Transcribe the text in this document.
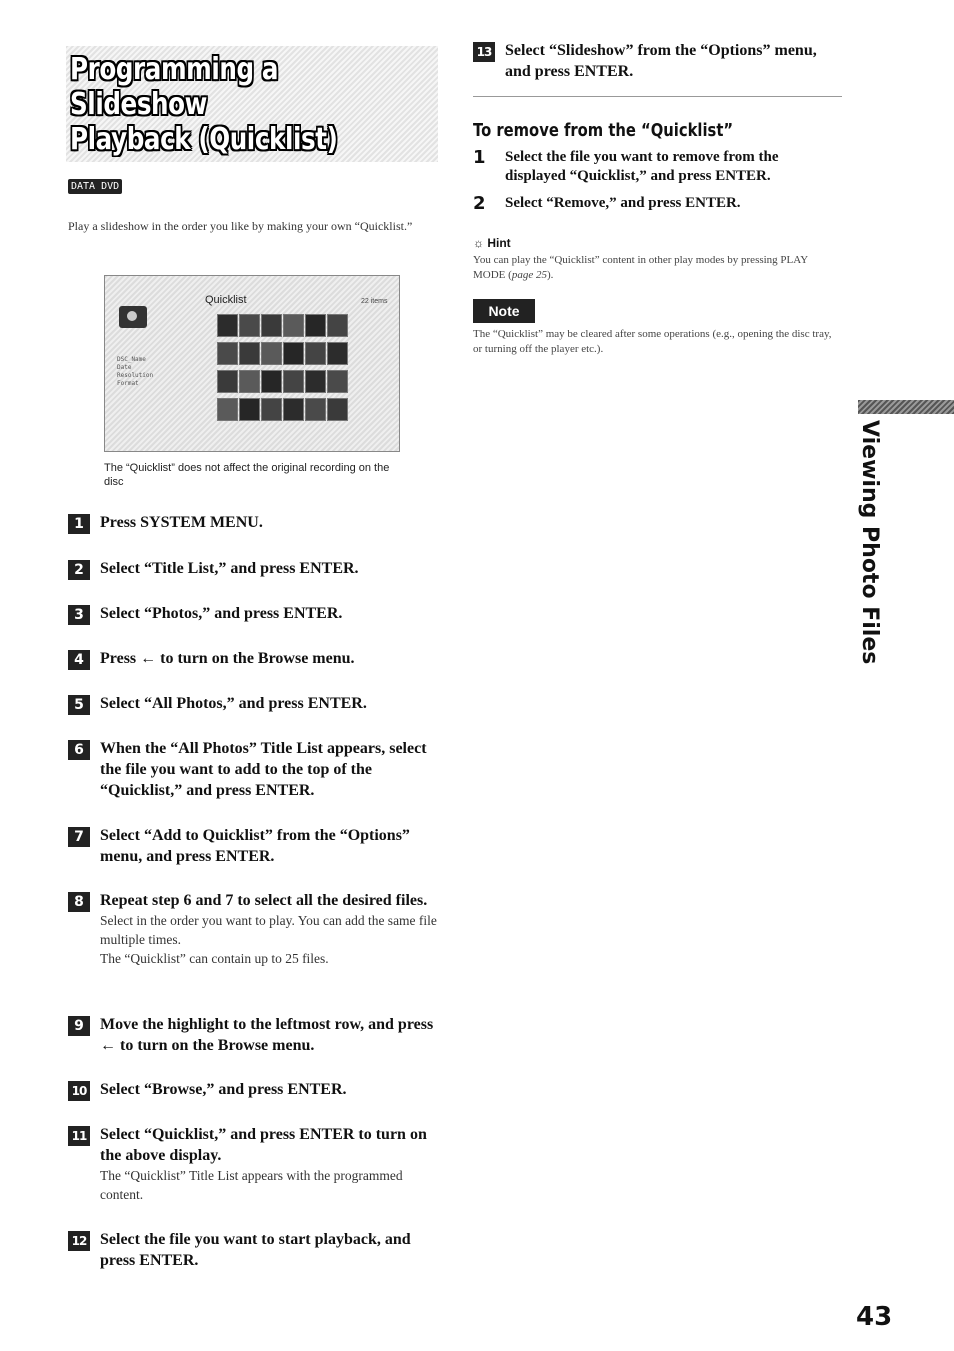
Programming a Slideshow
Playback (Quicklist)
DATA DVD
Play a slideshow in the order you like by making your own “Quicklist.”
Quicklist	22 items
DSC_Name
Date
Resolution
Format
The “Quicklist” does not affect the original recording on the disc
1	Press SYSTEM MENU.
2	Select “Title List,” and press ENTER.
3	Select “Photos,” and press ENTER.
4	Press ← to turn on the Browse menu.
5	Select “All Photos,” and press ENTER.
6	When the “All Photos” Title List appears, select the file you want to add to the top of the “Quicklist,” and press ENTER.
7	Select “Add to Quicklist” from the “Options” menu, and press ENTER.
8	Repeat step 6 and 7 to select all the desired files.
Select in the order you want to play. You can add the same file multiple times.
The “Quicklist” can contain up to 25 files.
9	Move the highlight to the leftmost row, and press ← to turn on the Browse menu.
10 Select “Browse,” and press ENTER.
11 Select “Quicklist,” and press ENTER to turn on the above display.
The “Quicklist” Title List appears with the programmed content.
12 Select the file you want to start playback, and press ENTER.
13 Select “Slideshow” from the “Options” menu, and press ENTER.
To remove from the “Quicklist”
1 Select the file you want to remove from the displayed “Quicklist,” and press ENTER.
2 Select “Remove,” and press ENTER.
☼ Hint
You can play the “Quicklist” content in other play modes by pressing PLAY MODE (page 25).
Note
The “Quicklist” may be cleared after some operations (e.g., opening the disc tray, or turning off the player etc.).
Viewing Photo Files
43
